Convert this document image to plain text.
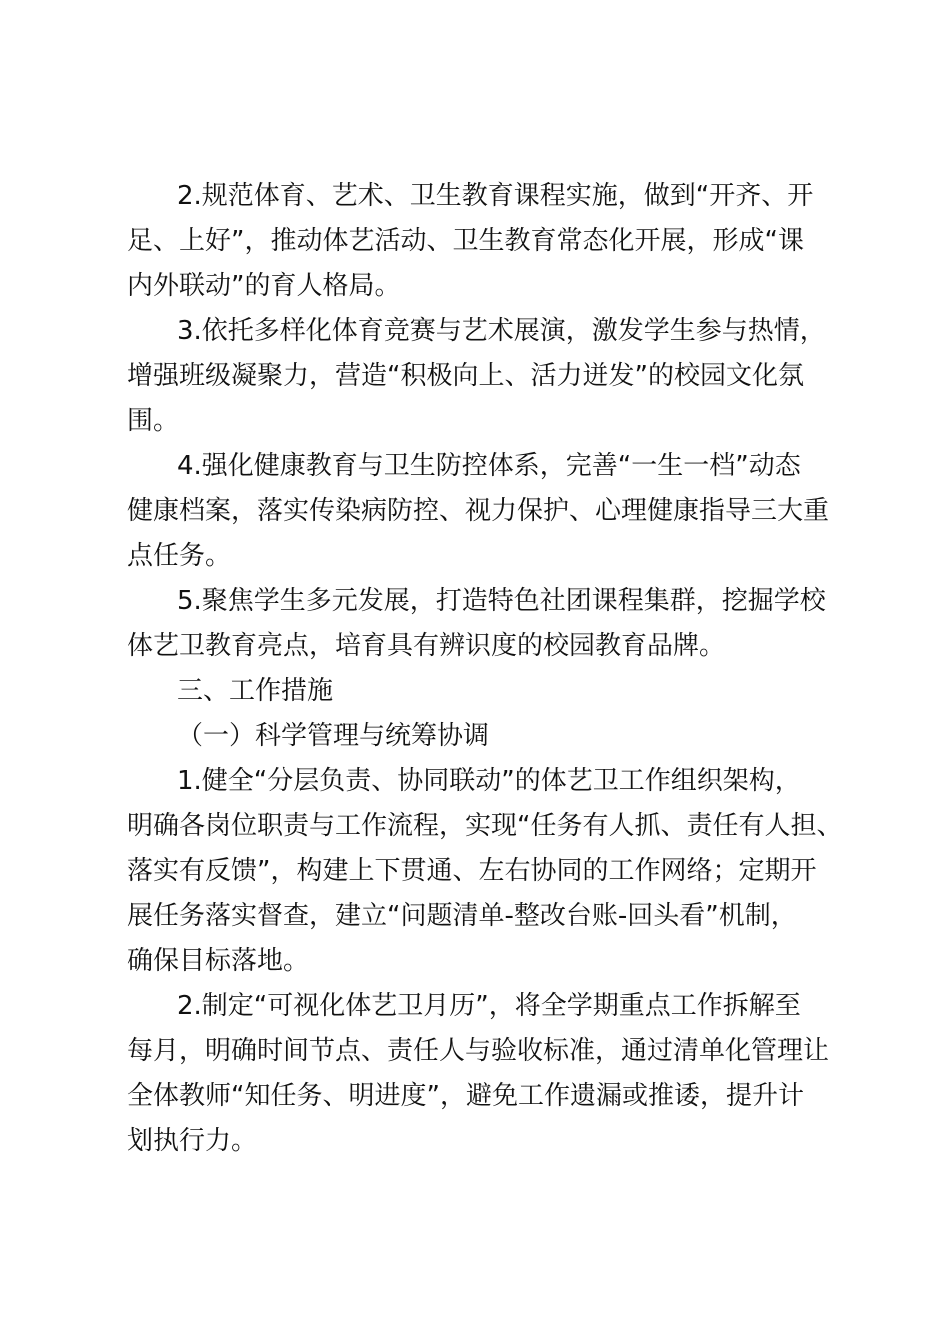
2.规范体育、艺术、卫生教育课程实施，做到“开齐、开
足、上好”，推动体艺活动、卫生教育常态化开展，形成“课
内外联动”的育人格局。
3.依托多样化体育竞赛与艺术展演，激发学生参与热情，
增强班级凝聚力，营造“积极向上、活力迸发”的校园文化氛
围。
4.强化健康教育与卫生防控体系，完善“一生一档”动态
健康档案，落实传染病防控、视力保护、心理健康指导三大重
点任务。
5.聚焦学生多元发展，打造特色社团课程集群，挖掘学校
体艺卫教育亮点，培育具有辨识度的校园教育品牌。
三、工作措施
（一）科学管理与统筹协调
1.健全“分层负责、协同联动”的体艺卫工作组织架构，
明确各岗位职责与工作流程，实现“任务有人抓、责任有人担、
落实有反馈”，构建上下贯通、左右协同的工作网络；定期开
展任务落实督查，建立“问题清单-整改台账-回头看”机制，
确保目标落地。
2.制定“可视化体艺卫月历”，将全学期重点工作拆解至
每月，明确时间节点、责任人与验收标准，通过清单化管理让
全体教师“知任务、明进度”，避免工作遗漏或推诿，提升计
划执行力。
